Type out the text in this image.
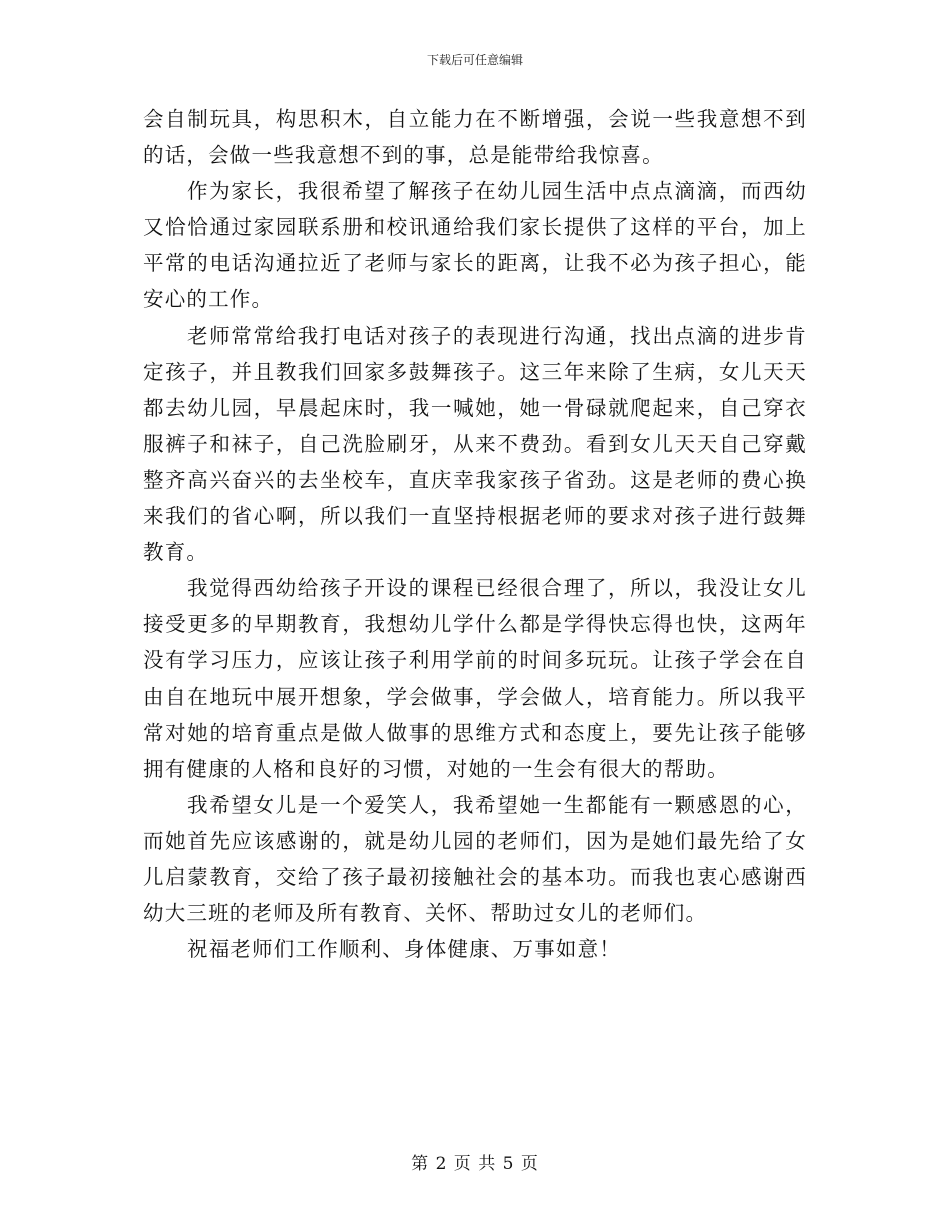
下载后可任意编辑

会自制玩具，构思积木，自立能力在不断增强，会说一些我意想不到的话，会做一些我意想不到的事，总是能带给我惊喜。

作为家长，我很希望了解孩子在幼儿园生活中点点滴滴，而西幼又恰恰通过家园联系册和校讯通给我们家长提供了这样的平台，加上平常的电话沟通拉近了老师与家长的距离，让我不必为孩子担心，能安心的工作。

老师常常给我打电话对孩子的表现进行沟通，找出点滴的进步肯定孩子，并且教我们回家多鼓舞孩子。这三年来除了生病，女儿天天都去幼儿园，早晨起床时，我一喊她，她一骨碌就爬起来，自己穿衣服裤子和袜子，自己洗脸刷牙，从来不费劲。看到女儿天天自己穿戴整齐高兴奋兴的去坐校车，直庆幸我家孩子省劲。这是老师的费心换来我们的省心啊，所以我们一直坚持根据老师的要求对孩子进行鼓舞教育。

我觉得西幼给孩子开设的课程已经很合理了，所以，我没让女儿接受更多的早期教育，我想幼儿学什么都是学得快忘得也快，这两年没有学习压力，应该让孩子利用学前的时间多玩玩。让孩子学会在自由自在地玩中展开想象，学会做事，学会做人，培育能力。所以我平常对她的培育重点是做人做事的思维方式和态度上，要先让孩子能够拥有健康的人格和良好的习惯，对她的一生会有很大的帮助。

我希望女儿是一个爱笑人，我希望她一生都能有一颗感恩的心，而她首先应该感谢的，就是幼儿园的老师们，因为是她们最先给了女儿启蒙教育，交给了孩子最初接触社会的基本功。而我也衷心感谢西幼大三班的老师及所有教育、关怀、帮助过女儿的老师们。

祝福老师们工作顺利、身体健康、万事如意！

第 2 页 共 5 页
